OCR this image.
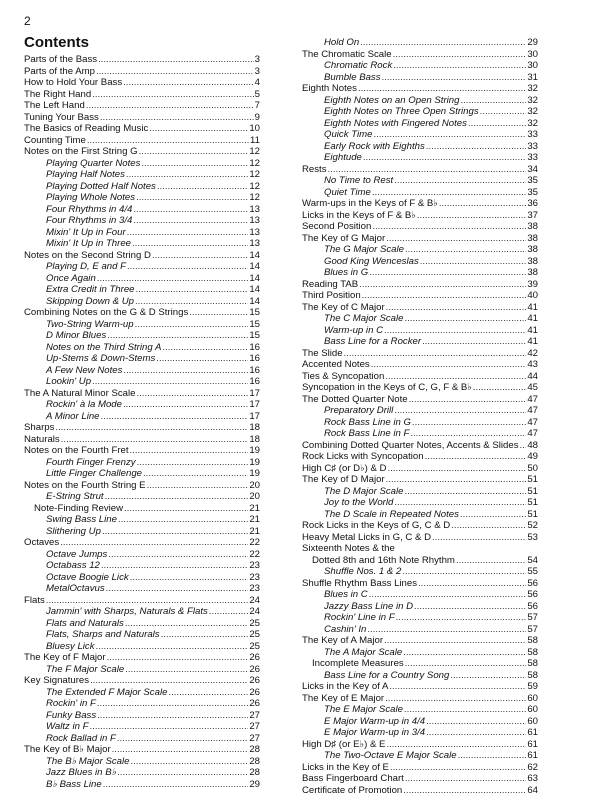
2
Contents
Parts of the Bass .....	3
Parts of the Amp .....	3
How to Hold Your Bass .....	4
The Right Hand .....	5
The Left Hand .....	7
Tuning Your Bass .....	9
The Basics of Reading Music .....	10
Counting Time .....	11
Notes on the First String G .....	12
Playing Quarter Notes .....	12
Playing Half Notes .....	12
Playing Dotted Half Notes .....	12
Playing Whole Notes .....	12
Four Rhythms in 4/4 .....	13
Four Rhythms in 3/4 .....	13
Mixin' It Up in Four .....	13
Mixin' It Up in Three .....	13
Notes on the Second String D .....	14
Playing D, E and F .....	14
Once Again .....	14
Extra Credit in Three .....	14
Skipping Down & Up .....	14
Combining Notes on the G & D Strings .....	15
Two-String Warm-up .....	15
D Minor Blues .....	15
Notes on the Third String A .....	16
Up-Stems & Down-Stems .....	16
A Few New Notes .....	16
Lookin' Up .....	16
The A Natural Minor Scale .....	17
Rockin' à la Mode .....	17
A Minor Line .....	17
Sharps .....	18
Naturals .....	18
Notes on the Fourth Fret .....	19
Fourth Finger Frenzy .....	19
Little Finger Challenge .....	19
Notes on the Fourth String E .....	20
E-String Strut .....	20
Note-Finding Review .....	21
Swing Bass Line .....	21
Slithering Up .....	21
Octaves .....	22
Octave Jumps .....	22
Octabass 12 .....	23
Octave Boogie Lick .....	23
MetalOctavus .....	23
Flats .....	24
Jammin' with Sharps, Naturals & Flats .....	24
Flats and Naturals .....	25
Flats, Sharps and Naturals .....	25
Bluesy Lick .....	25
The Key of F Major .....	26
The F Major Scale .....	26
Key Signatures .....	26
The Extended F Major Scale .....	26
Rockin' in F .....	26
Funky Bass .....	27
Waltz in F .....	27
Rock Ballad in F .....	27
The Key of B♭ Major .....	28
The B♭ Major Scale .....	28
Jazz Blues in B♭ .....	28
B♭ Bass Line .....	29
Hold On .....	29
The Chromatic Scale .....	30
Chromatic Rock .....	30
Bumble Bass .....	31
Eighth Notes .....	32
Eighth Notes on an Open String .....	32
Eighth Notes on Three Open Strings .....	32
Eighth Notes with Fingered Notes .....	32
Quick Time .....	33
Early Rock with Eighths .....	33
Eightude .....	33
Rests .....	34
No Time to Rest .....	35
Quiet Time .....	35
Warm-ups in the Keys of F & B♭ .....	36
Licks in the Keys of F & B♭ .....	37
Second Position .....	38
The Key of G Major .....	38
The G Major Scale .....	38
Good King Wenceslas .....	38
Blues in G .....	38
Reading TAB .....	39
Third Position .....	40
The Key of C Major .....	41
The C Major Scale .....	41
Warm-up in C .....	41
Bass Line for a Rocker .....	41
The Slide .....	42
Accented Notes .....	43
Ties & Syncopation .....	44
Syncopation in the Keys of C, G, F & B♭ .....	45
The Dotted Quarter Note .....	47
Preparatory Drill .....	47
Rock Bass Line in G .....	47
Rock Bass Line in F .....	47
Combining Dotted Quarter Notes, Accents & Slides ..... 48
Rock Licks with Syncopation .....	49
High C♯ (or D♭) & D .....	50
The Key of D Major .....	51
The D Major Scale .....	51
Joy to the World .....	51
The D Scale in Repeated Notes .....	51
Rock Licks in the Keys of G, C & D .....	52
Heavy Metal Licks in G, C & D .....	53
Sixteenth Notes & the
Dotted 8th and 16th Note Rhythm .....	54
Shuffle Nos. 1 & 2 .....	55
Shuffle Rhythm Bass Lines .....	56
Blues in C .....	56
Jazzy Bass Line in D .....	56
Rockin' Line in F .....	57
Cashin' In .....	57
The Key of A Major .....	58
The A Major Scale .....	58
Incomplete Measures .....	58
Bass Line for a Country Song .....	58
Licks in the Key of A .....	59
The Key of E Major .....	60
The E Major Scale .....	60
E Major Warm-up in 4/4 .....	60
E Major Warm-up in 3/4 .....	61
High D♯ (or E♭) & E .....	61
The Two-Octave E Major Scale .....	61
Licks in the Key of E .....	62
Bass Fingerboard Chart .....	63
Certificate of Promotion .....	64
